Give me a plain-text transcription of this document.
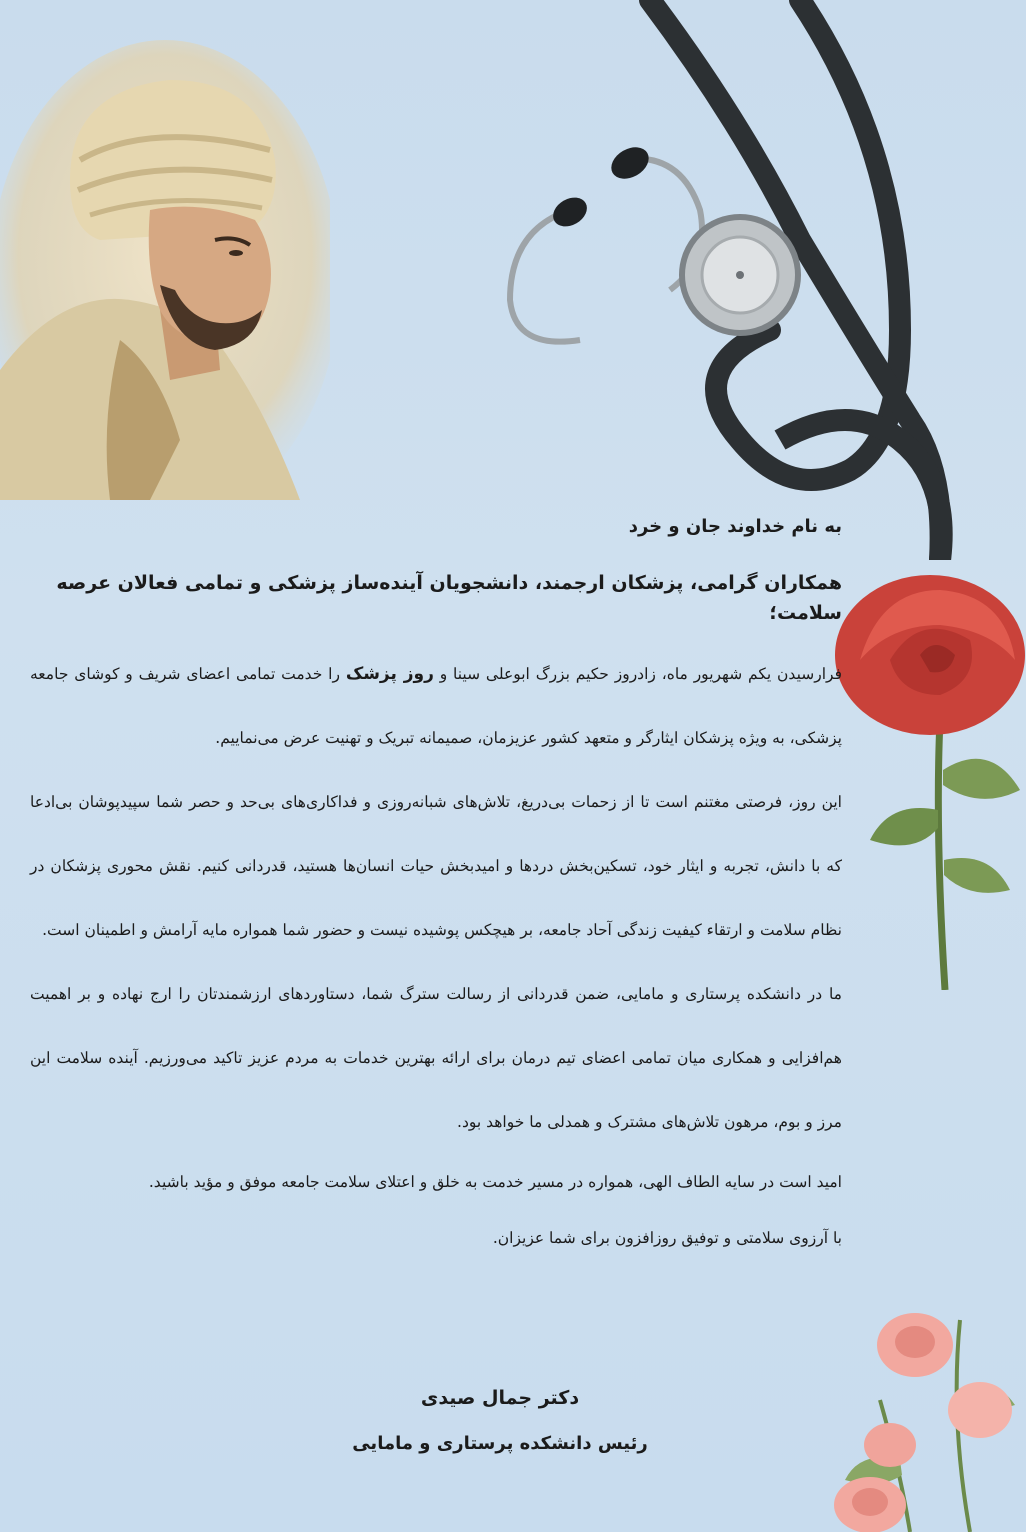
به نام خداوند جان و خرد
همکاران گرامی، پزشکان ارجمند، دانشجویان آینده‌ساز پزشکی و تمامی فعالان عرصه سلامت؛

فرارسیدن یکم شهریور ماه، زادروز حکیم بزرگ ابوعلی سینا و روز پزشک را خدمت تمامی اعضای شریف و کوشای جامعه پزشکی، به ویژه پزشکان ایثارگر و متعهد کشور عزیزمان، صمیمانه تبریک و تهنیت عرض می‌نماییم.

این روز، فرصتی مغتنم است تا از زحمات بی‌دریغ، تلاش‌های شبانه‌روزی و فداکاری‌های بی‌حد و حصر شما سپیدپوشان بی‌ادعا که با دانش، تجربه و ایثار خود، تسکین‌بخش دردها و امیدبخش حیات انسان‌ها هستید، قدردانی کنیم. نقش محوری پزشکان در نظام سلامت و ارتقاء کیفیت زندگی آحاد جامعه، بر هیچکس پوشیده نیست و حضور شما همواره مایه آرامش و اطمینان است.

ما در دانشکده پرستاری و مامایی، ضمن قدردانی از رسالت سترگ شما، دستاوردهای ارزشمندتان را ارج نهاده و بر اهمیت هم‌افزایی و همکاری میان تمامی اعضای تیم درمان برای ارائه بهترین خدمات به مردم عزیز تاکید می‌ورزیم. آینده سلامت این مرز و بوم، مرهون تلاش‌های مشترک و همدلی ما خواهد بود.

امید است در سایه الطاف الهی، همواره در مسیر خدمت به خلق و اعتلای سلامت جامعه موفق و مؤید باشید.

با آرزوی سلامتی و توفیق روزافزون برای شما عزیزان.

دکتر جمال صیدی
رئیس دانشکده پرستاری و مامایی
